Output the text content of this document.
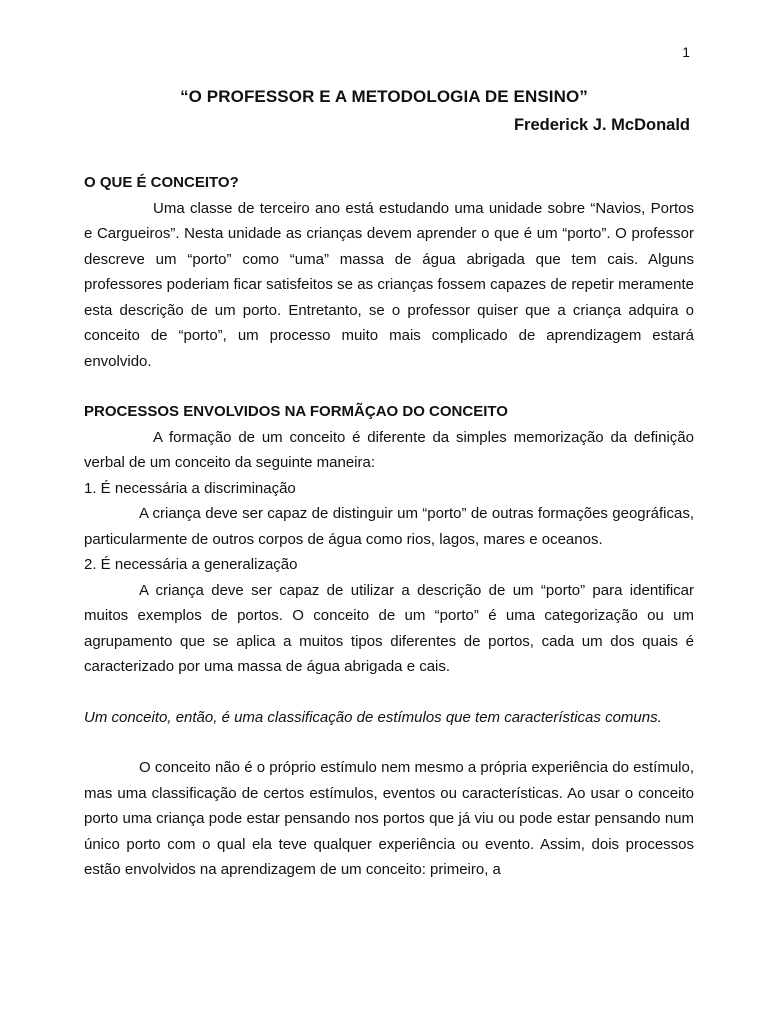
1
“O PROFESSOR E A METODOLOGIA DE ENSINO”
Frederick J. McDonald

O QUE É CONCEITO?

Uma classe de terceiro ano está estudando uma unidade sobre “Navios, Portos e Cargueiros”. Nesta unidade as crianças devem aprender o que é um “porto”. O professor descreve um “porto” como “uma” massa de água abrigada que tem cais. Alguns professores poderiam ficar satisfeitos se as crianças fossem capazes de repetir meramente esta descrição de um porto. Entretanto, se o professor quiser que a criança adquira o conceito de “porto”, um processo muito mais complicado de aprendizagem estará envolvido.

PROCESSOS ENVOLVIDOS NA FORMÃÇAO DO CONCEITO

A formação de um conceito é diferente da simples memorização da definição verbal de um conceito da seguinte maneira:

1. É necessária a discriminação

A criança deve ser capaz de distinguir um “porto” de outras formações geográficas, particularmente de outros corpos de água como rios, lagos, mares e oceanos.

2. É necessária a generalização

A criança deve ser capaz de utilizar a descrição de um “porto” para identificar muitos exemplos de portos. O conceito de um “porto” é uma categorização ou um agrupamento que se aplica a muitos tipos diferentes de portos, cada um dos quais é caracterizado por uma massa de água abrigada e cais.

Um conceito, então, é uma classificação de estímulos que tem características comuns.

O conceito não é o próprio estímulo nem mesmo a própria experiência do estímulo, mas uma classificação de certos estímulos, eventos ou características. Ao usar o conceito porto uma criança pode estar pensando nos portos que já viu ou pode estar pensando num único porto com o qual ela teve qualquer experiência ou evento. Assim, dois processos estão envolvidos na aprendizagem de um conceito: primeiro, a
